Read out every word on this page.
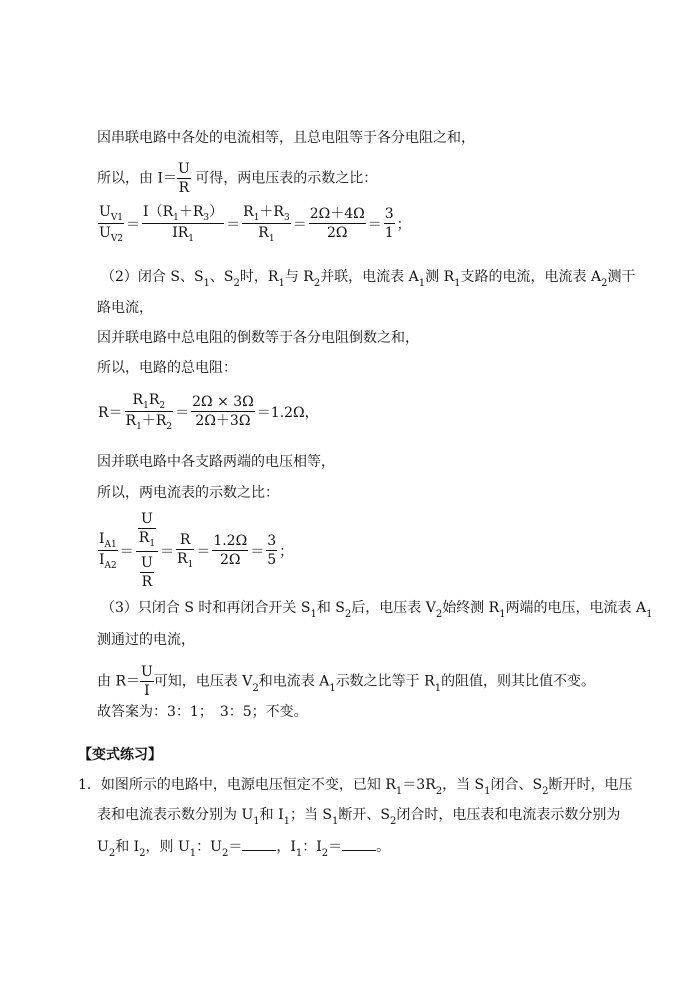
因串联电路中各处的电流相等，且总电阻等于各分电阻之和，
所以，由 $I= \frac{U}{R}$ 可得，两电压表的示数之比：
$\frac{U_{V1}}{U_{V2}} = \frac{I(R_1+R_3)}{IR_1} = \frac{R_1+R_3}{R_1} = \frac{2\Omega+4\Omega}{2\Omega} = \frac{3}{1}$ ；
（2）闭合 S、$S_1$、$S_2$时，$R_1$与 $R_2$并联，电流表 $A_1$测 $R_1$支路的电流，电流表 $A_2$测干
路电流，
因并联电路中总电阻的倒数等于各分电阻倒数之和，
所以，电路的总电阻：
$R= \frac{R_1R_2}{R_1+R_2} = \frac{2\Omega \times 3\Omega}{2\Omega+3\Omega} =1.2\Omega$，
因并联电路中各支路两端的电压相等，
所以，两电流表的示数之比：
$\frac{I_{A1}}{I_{A2}} = \frac{\frac{U}{R_1}}{\frac{U}{R}} = \frac{R}{R_1} = \frac{1.2\Omega}{2\Omega} = \frac{3}{5}$ ；
（3）只闭合 S 时和再闭合开关 $S_1$和 $S_2$后，电压表 $V_2$始终测 $R_1$两端的电压，电流表 $A_1$
测通过的电流，
由 $R= \frac{U}{I}$ 可知，电压表 $V_2$和电流表 $A_1$示数之比等于 $R_1$的阻值，则其比值不变。
故答案为：3：1；　3：5；不变。
【变式练习】
1．如图所示的电路中，电源电压恒定不变，已知 $R_1=3R_2$，当 $S_1$闭合、$S_2$断开时，电压
表和电流表示数分别为 $U_1$和 $I_1$；当 $S_1$断开、$S_2$闭合时，电压表和电流表示数分别为
$U_2$和 $I_2$，则 $U_1$：$U_2=$ ，$I_1$：$I_2=$ 。
